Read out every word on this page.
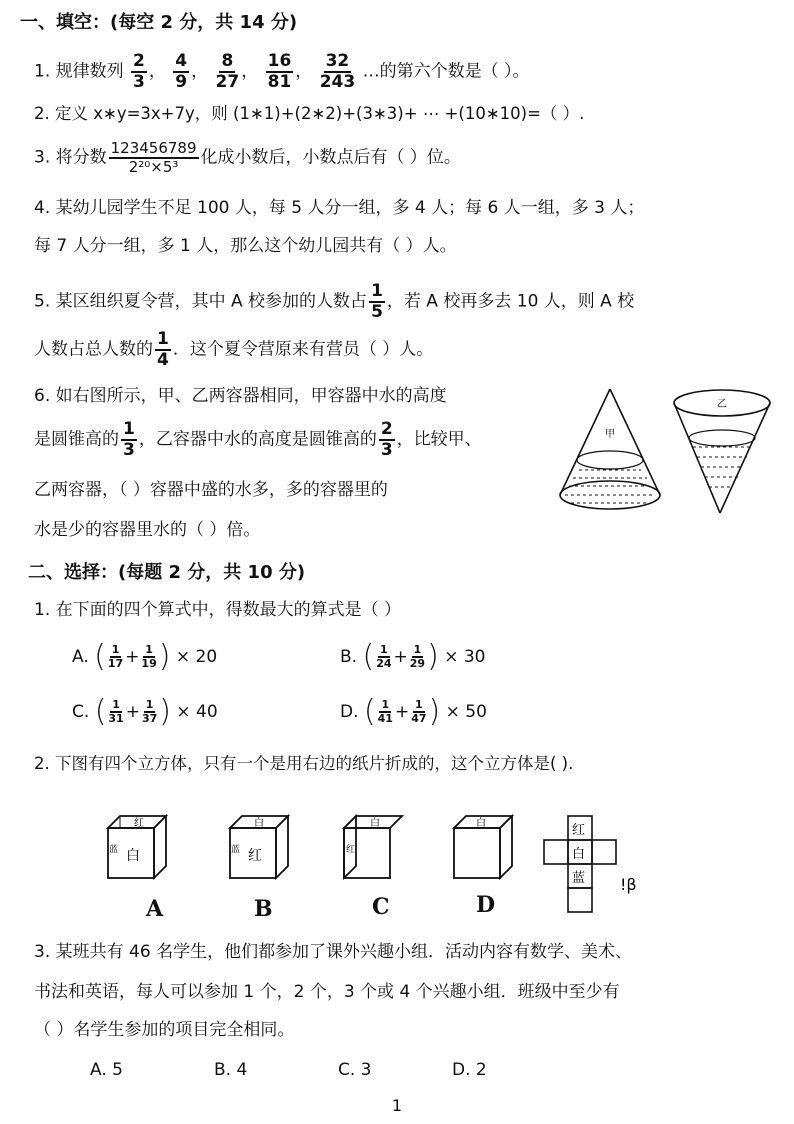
一、填空：(每空 2 分，共 14 分)
1. 规律数列 $\frac{2}{3}$ ， $\frac{4}{9}$ ， $\frac{8}{27}$ ， $\frac{16}{81}$ ， $\frac{32}{243}$ …的第六个数是（ ）。
2. 定义 x∗y=3x+7y，则 (1∗1)+(2∗2)+(3∗3)+ ⋯ +(10∗10)=（ ）.
3. 将分数 $\frac{123456789}{\text{2²⁰×5³}}$ 化成小数后，小数点后有（ ）位。
4. 某幼儿园学生不足 100 人，每 5 人分一组，多 4 人；每 6 人一组，多 3 人；
每 7 人分一组，多 1 人，那么这个幼儿园共有（ ）人。
5. 某区组织夏令营，其中 A 校参加的人数占 $\frac{1}{5}$ ，若 A 校再多去 10 人，则 A 校
人数占总人数的 $\frac{1}{4}$ ．这个夏令营原来有营员（ ）人。
6. 如右图所示，甲、乙两容器相同，甲容器中水的高度
是圆锥高的 $\frac{1}{3}$ ，乙容器中水的高度是圆锥高的 $\frac{2}{3}$ ，比较甲、
乙两容器，（ ）容器中盛的水多，多的容器里的
水是少的容器里水的（ ）倍。
甲
乙
二、选择：(每题 2 分，共 10 分)
1. 在下面的四个算式中，得数最大的算式是（ ）
A. ( $\frac{1}{17} + \frac{1}{19}$ ) × 20	B. ( $\frac{1}{24} + \frac{1}{29}$ ) × 30
C. ( $\frac{1}{31} + \frac{1}{37}$ ) × 40	D. ( $\frac{1}{41} + \frac{1}{47}$ ) × 50
2. 下图有四个立方体，只有一个是用右边的纸片折成的，这个立方体是( ).
红
白
蓝
白
红
蓝
白
红
白	红
白
蓝 !β
A	B	C	D
3. 某班共有 46 名学生，他们都参加了课外兴趣小组．活动内容有数学、美术、
书法和英语，每人可以参加 1 个，2 个，3 个或 4 个兴趣小组．班级中至少有
（ ）名学生参加的项目完全相同。
A. 5	B. 4	C. 3	D. 2
1
